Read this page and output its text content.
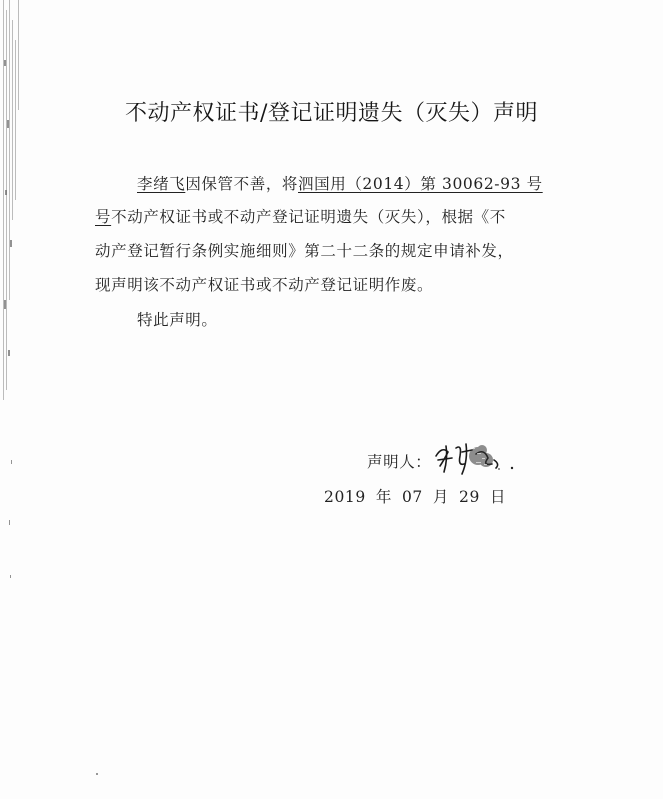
不动产权证书/登记证明遗失（灭失）声明
李绪飞因保管不善，将泗国用（2014）第 30062-93 号
号不动产权证书或不动产登记证明遗失（灭失），根据《不
动产登记暂行条例实施细则》第二十二条的规定申请补发，
现声明该不动产权证书或不动产登记证明作废。
特此声明。
声明人：
2019 年 07 月 29 日
